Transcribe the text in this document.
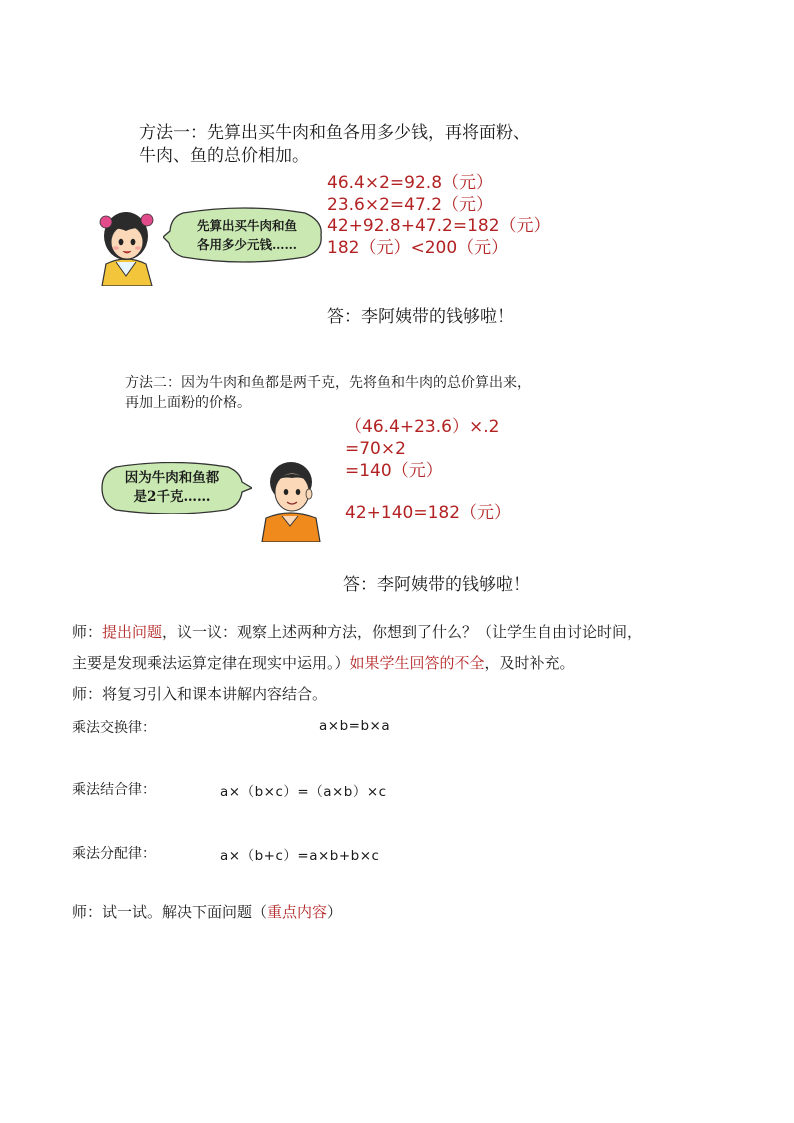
方法一：先算出买牛肉和鱼各用多少钱，再将面粉、
牛肉、鱼的总价相加。
先算出买牛肉和鱼
各用多少元钱……
46.4×2=92.8（元）
23.6×2=47.2（元）
42+92.8+47.2=182（元）
182（元）<200（元）
答：李阿姨带的钱够啦！
方法二：因为牛肉和鱼都是两千克，先将鱼和牛肉的总价算出来，
再加上面粉的价格。
因为牛肉和鱼都
是2千克……
（46.4+23.6）×.2
=70×2
=140（元）
42+140=182（元）
答：李阿姨带的钱够啦！
师：提出问题，议一议：观察上述两种方法，你想到了什么？（让学生自由讨论时间，
主要是发现乘法运算定律在现实中运用。）如果学生回答的不全，及时补充。
师：将复习引入和课本讲解内容结合。
乘法交换律：	a×b=b×a
乘法结合律：	a×（b×c）=（a×b）×c
乘法分配律：	a×（b+c）=a×b+b×c
师：试一试。解决下面问题（重点内容）
